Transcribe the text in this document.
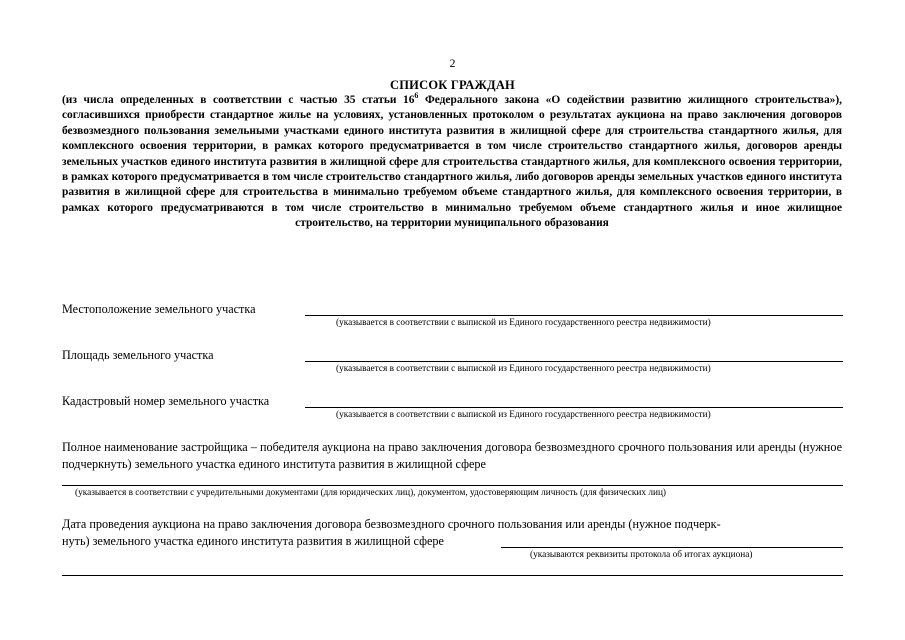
2
СПИСОК ГРАЖДАН
(из числа определенных в соответствии с частью 35 статьи $16^6$ Федерального закона «О содействии развитию жилищного строительства»), согласившихся приобрести стандартное жилье на условиях, установленных протоколом о результатах аукциона на право заключения договоров безвозмездного пользования земельными участками единого института развития в жилищной сфере для строительства стандартного жилья, для комплексного освоения территории, в рамках которого предусматривается в том числе строительство стандартного жилья, договоров аренды земельных участков единого института развития в жилищной сфере для строительства стандартного жилья, для комплексного освоения территории, в рамках которого предусматривается в том числе строительство стандартного жилья, либо договоров аренды земельных участков единого института развития в жилищной сфере для строительства в минимально требуемом объеме стандартного жилья, для комплексного освоения территории, в рамках которого предусматриваются в том числе строительство в минимально требуемом объеме стандартного жилья и иное жилищное строительство, на территории муниципального образования
Местоположение земельного участка
(указывается в соответствии с выпиской из Единого государственного реестра недвижимости)
Площадь земельного участка
(указывается в соответствии с выпиской из Единого государственного реестра недвижимости)
Кадастровый номер земельного участка
(указывается в соответствии с выпиской из Единого государственного реестра недвижимости)
Полное наименование застройщика – победителя аукциона на право заключения договора безвозмездного срочного пользования или аренды (нужное подчеркнуть) земельного участка единого института развития в жилищной сфере
(указывается в соответствии с учредительными документами (для юридических лиц), документом, удостоверяющим личность (для физических лиц)
Дата проведения аукциона на право заключения договора безвозмездного срочного пользования или аренды (нужное подчерк-
нуть) земельного участка единого института развития в жилищной сфере
(указываются реквизиты протокола об итогах аукциона)
